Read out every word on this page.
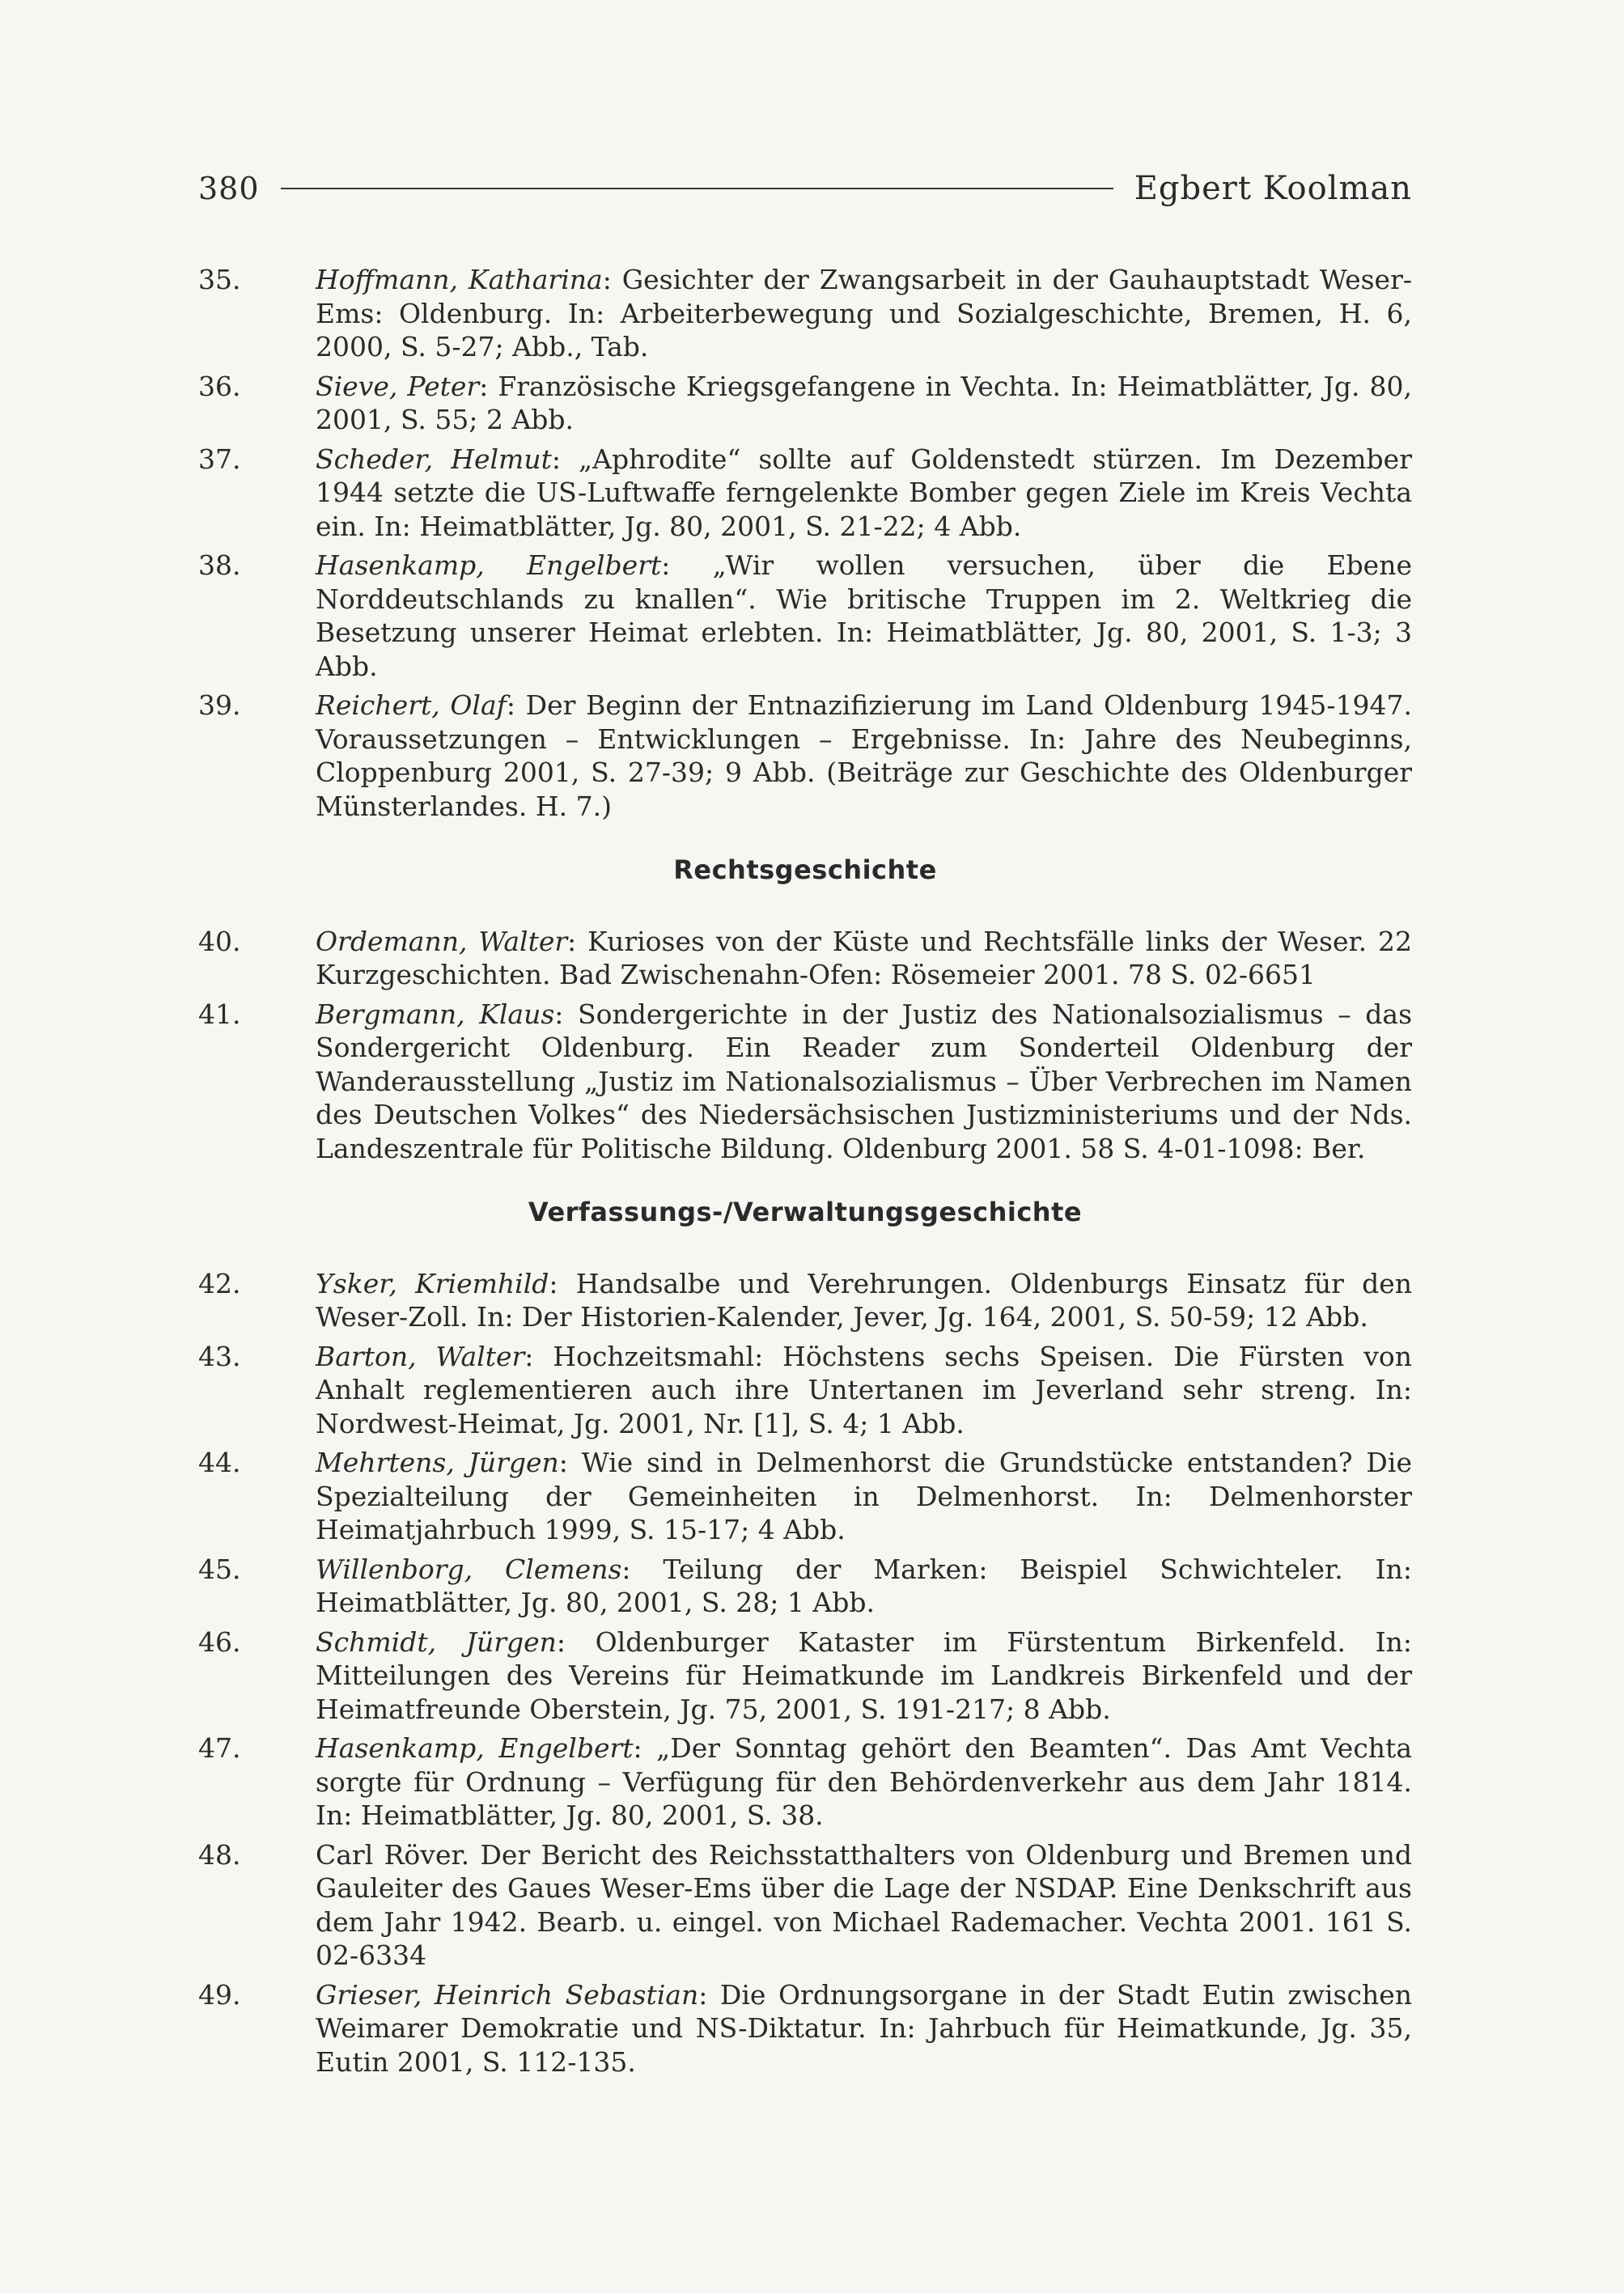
380	Egbert Koolman
35.	Hoffmann, Katharina: Gesichter der Zwangsarbeit in der Gauhauptstadt Weser-Ems: Oldenburg. In: Arbeiterbewegung und Sozialgeschichte, Bremen, H. 6, 2000, S. 5-27; Abb., Tab.
36.	Sieve, Peter: Französische Kriegsgefangene in Vechta. In: Heimatblätter, Jg. 80, 2001, S. 55; 2 Abb.
37.	Scheder, Helmut: „Aphrodite“ sollte auf Goldenstedt stürzen. Im Dezember 1944 setzte die US-Luftwaffe ferngelenkte Bomber gegen Ziele im Kreis Vechta ein. In: Heimatblätter, Jg. 80, 2001, S. 21-22; 4 Abb.
38.	Hasenkamp, Engelbert: „Wir wollen versuchen, über die Ebene Norddeutschlands zu knallen“. Wie britische Truppen im 2. Weltkrieg die Besetzung unserer Heimat erlebten. In: Heimatblätter, Jg. 80, 2001, S. 1-3; 3 Abb.
39.	Reichert, Olaf: Der Beginn der Entnazifizierung im Land Oldenburg 1945-1947. Voraussetzungen – Entwicklungen – Ergebnisse. In: Jahre des Neubeginns, Cloppenburg 2001, S. 27-39; 9 Abb. (Beiträge zur Geschichte des Oldenburger Münsterlandes. H. 7.)
Rechtsgeschichte
40.	Ordemann, Walter: Kurioses von der Küste und Rechtsfälle links der Weser. 22 Kurzgeschichten. Bad Zwischenahn-Ofen: Rösemeier 2001. 78 S. 02-6651
41.	Bergmann, Klaus: Sondergerichte in der Justiz des Nationalsozialismus – das Sondergericht Oldenburg. Ein Reader zum Sonderteil Oldenburg der Wanderausstellung „Justiz im Nationalsozialismus – Über Verbrechen im Namen des Deutschen Volkes“ des Niedersächsischen Justizministeriums und der Nds. Landeszentrale für Politische Bildung. Oldenburg 2001. 58 S. 4-01-1098: Ber.
Verfassungs-/Verwaltungsgeschichte
42.	Ysker, Kriemhild: Handsalbe und Verehrungen. Oldenburgs Einsatz für den Weser-Zoll. In: Der Historien-Kalender, Jever, Jg. 164, 2001, S. 50-59; 12 Abb.
43.	Barton, Walter: Hochzeitsmahl: Höchstens sechs Speisen. Die Fürsten von Anhalt reglementieren auch ihre Untertanen im Jeverland sehr streng. In: Nordwest-Heimat, Jg. 2001, Nr. [1], S. 4; 1 Abb.
44.	Mehrtens, Jürgen: Wie sind in Delmenhorst die Grundstücke entstanden? Die Spezialteilung der Gemeinheiten in Delmenhorst. In: Delmenhorster Heimatjahrbuch 1999, S. 15-17; 4 Abb.
45.	Willenborg, Clemens: Teilung der Marken: Beispiel Schwichteler. In: Heimatblätter, Jg. 80, 2001, S. 28; 1 Abb.
46.	Schmidt, Jürgen: Oldenburger Kataster im Fürstentum Birkenfeld. In: Mitteilungen des Vereins für Heimatkunde im Landkreis Birkenfeld und der Heimatfreunde Oberstein, Jg. 75, 2001, S. 191-217; 8 Abb.
47.	Hasenkamp, Engelbert: „Der Sonntag gehört den Beamten“. Das Amt Vechta sorgte für Ordnung – Verfügung für den Behördenverkehr aus dem Jahr 1814. In: Heimatblätter, Jg. 80, 2001, S. 38.
48.	Carl Röver. Der Bericht des Reichsstatthalters von Oldenburg und Bremen und Gauleiter des Gaues Weser-Ems über die Lage der NSDAP. Eine Denkschrift aus dem Jahr 1942. Bearb. u. eingel. von Michael Rademacher. Vechta 2001. 161 S. 02-6334
49.	Grieser, Heinrich Sebastian: Die Ordnungsorgane in der Stadt Eutin zwischen Weimarer Demokratie und NS-Diktatur. In: Jahrbuch für Heimatkunde, Jg. 35, Eutin 2001, S. 112-135.
